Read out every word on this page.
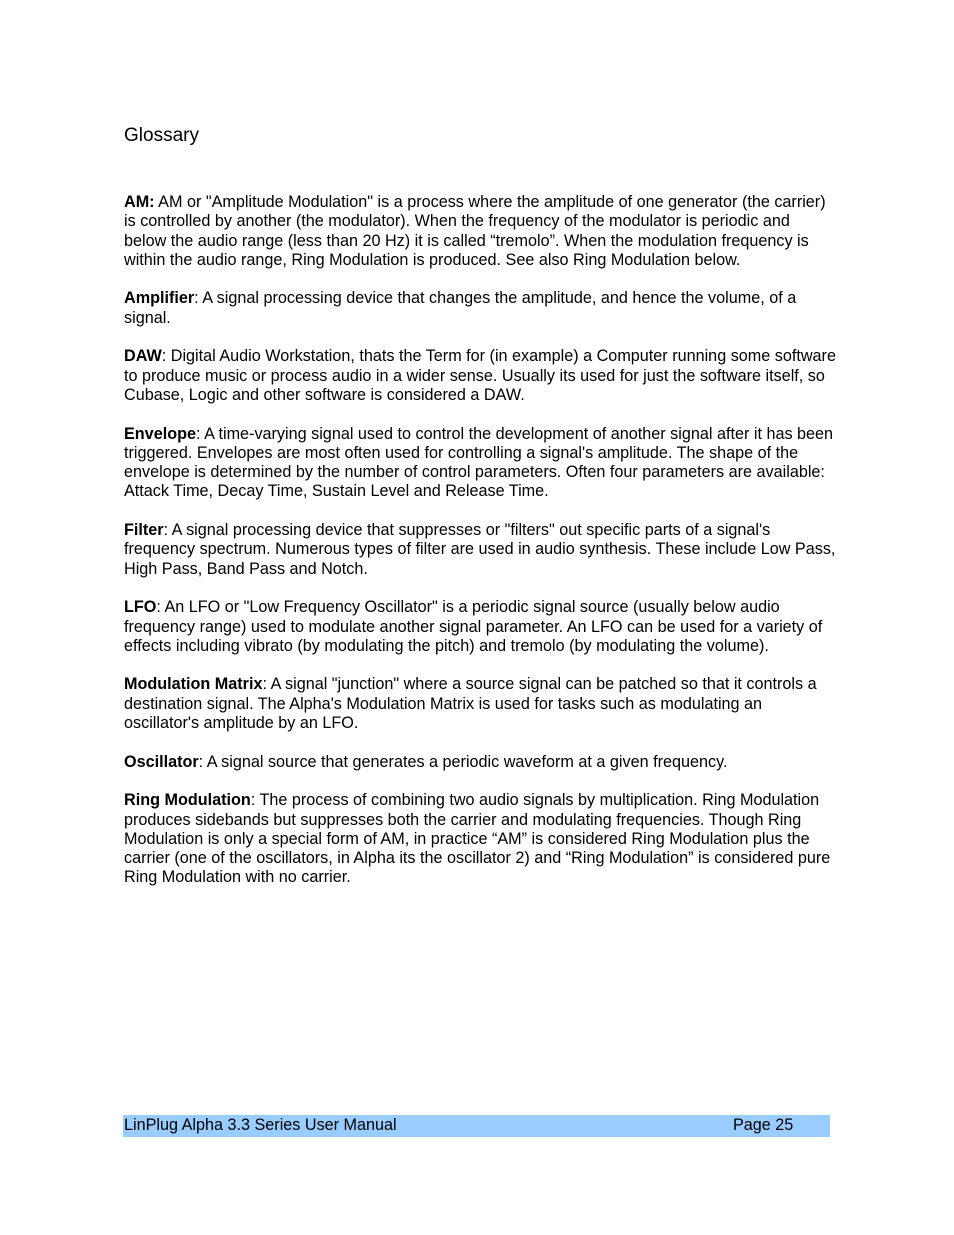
Glossary

AM: AM or "Amplitude Modulation" is a process where the amplitude of one generator (the carrier) is controlled by another (the modulator). When the frequency of the modulator is periodic and below the audio range (less than 20 Hz) it is called “tremolo”. When the modulation frequency is within the audio range, Ring Modulation is produced. See also Ring Modulation below.

Amplifier: A signal processing device that changes the amplitude, and hence the volume, of a signal.

DAW: Digital Audio Workstation, thats the Term for (in example) a Computer running some software to produce music or process audio in a wider sense. Usually its used for just the software itself, so Cubase, Logic and other software is considered a DAW.

Envelope: A time-varying signal used to control the development of another signal after it has been triggered. Envelopes are most often used for controlling a signal's amplitude. The shape of the envelope is determined by the number of control parameters. Often four parameters are available: Attack Time, Decay Time, Sustain Level and Release Time.

Filter: A signal processing device that suppresses or "filters" out specific parts of a signal's frequency spectrum. Numerous types of filter are used in audio synthesis. These include Low Pass, High Pass, Band Pass and Notch.

LFO: An LFO or "Low Frequency Oscillator" is a periodic signal source (usually below audio frequency range) used to modulate another signal parameter. An LFO can be used for a variety of effects including vibrato (by modulating the pitch) and tremolo (by modulating the volume).

Modulation Matrix: A signal "junction" where a source signal can be patched so that it controls a destination signal. The Alpha's Modulation Matrix is used for tasks such as modulating an oscillator's amplitude by an LFO.

Oscillator: A signal source that generates a periodic waveform at a given frequency.

Ring Modulation: The process of combining two audio signals by multiplication. Ring Modulation produces sidebands but suppresses both the carrier and modulating frequencies. Though Ring Modulation is only a special form of AM, in practice “AM” is considered Ring Modulation plus the carrier (one of the oscillators, in Alpha its the oscillator 2) and “Ring Modulation” is considered pure Ring Modulation with no carrier.

LinPlug Alpha 3.3 Series User Manual	Page 25
